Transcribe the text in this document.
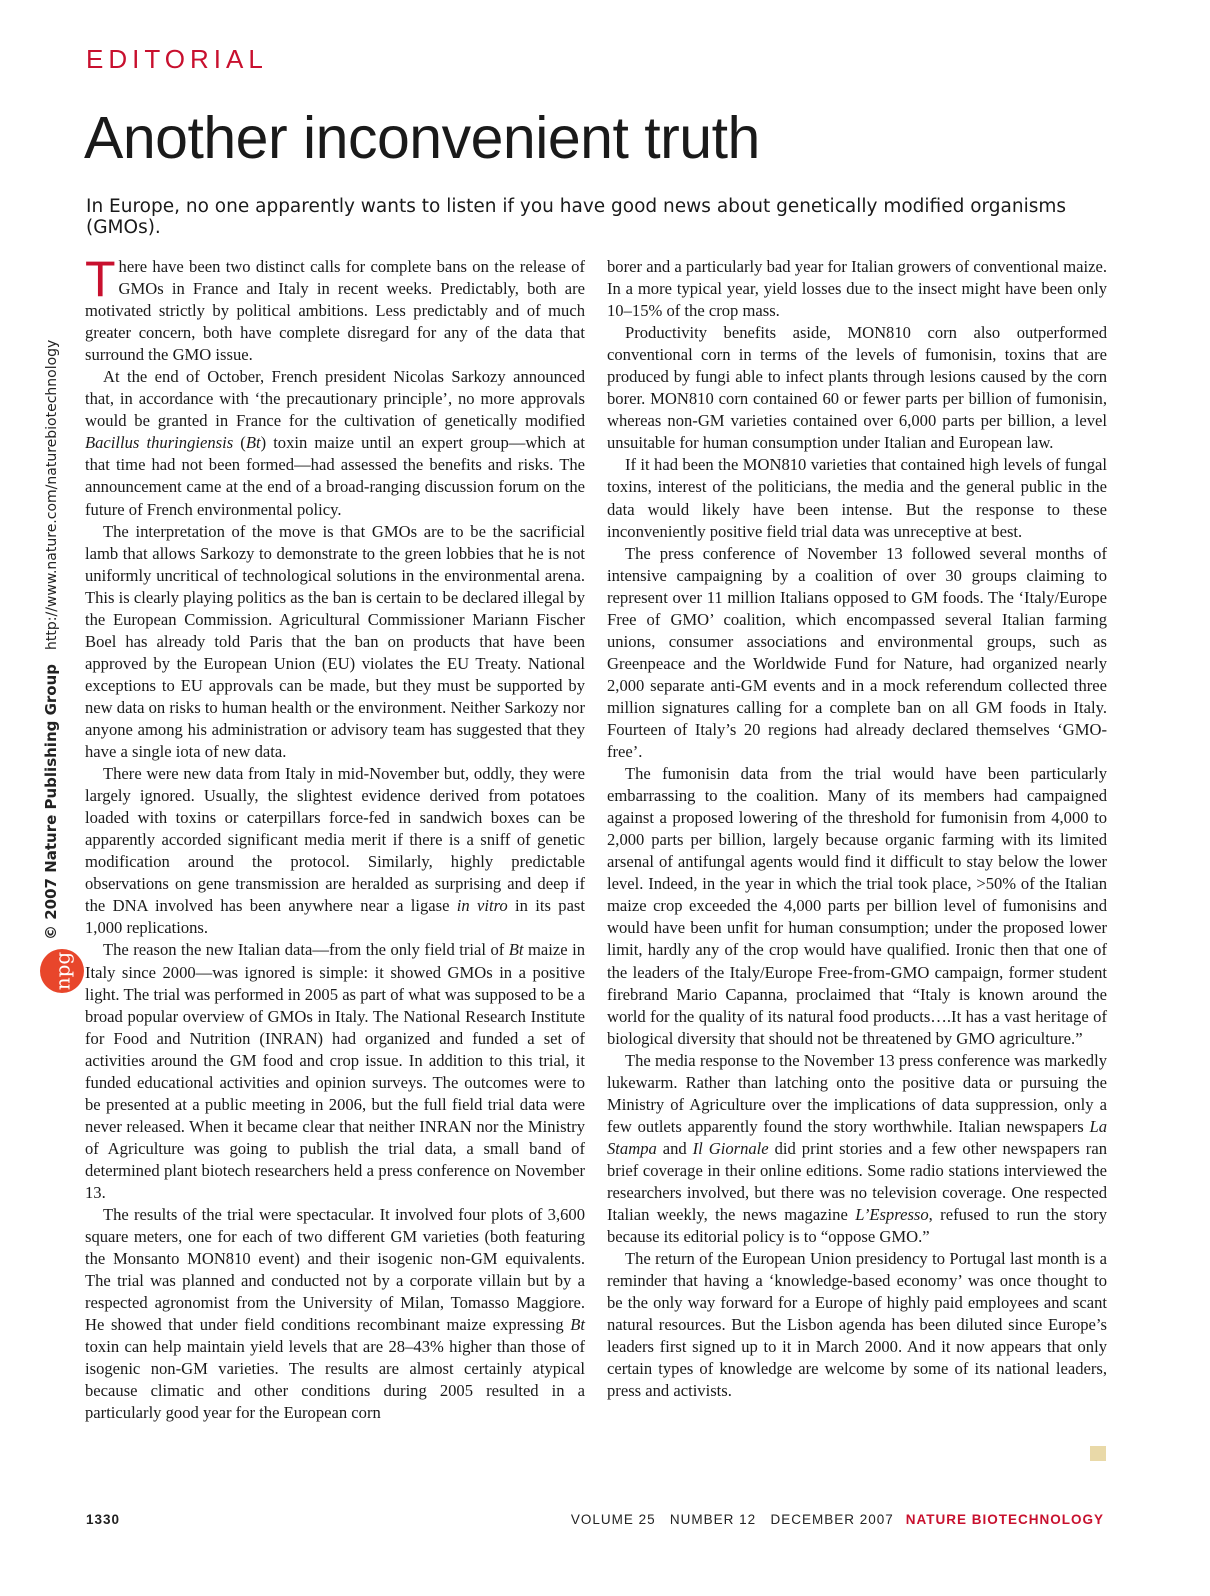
EDITORIAL
Another inconvenient truth
In Europe, no one apparently wants to listen if you have good news about genetically modified organisms (GMOs).

There have been two distinct calls for complete bans on the release of GMOs in France and Italy in recent weeks. Predictably, both are motivated strictly by political ambitions. Less predictably and of much greater concern, both have complete disregard for any of the data that surround the GMO issue.

At the end of October, French president Nicolas Sarkozy announced that, in accordance with ‘the precautionary principle’, no more approvals would be granted in France for the cultivation of genetically modified Bacillus thuringiensis (Bt) toxin maize until an expert group—which at that time had not been formed—had assessed the benefits and risks. The announcement came at the end of a broad-ranging discussion forum on the future of French environmental policy.

The interpretation of the move is that GMOs are to be the sacrificial lamb that allows Sarkozy to demonstrate to the green lobbies that he is not uniformly uncritical of technological solutions in the environmental arena. This is clearly playing politics as the ban is certain to be declared illegal by the European Commission. Agricultural Commissioner Mariann Fischer Boel has already told Paris that the ban on products that have been approved by the European Union (EU) violates the EU Treaty. National exceptions to EU approvals can be made, but they must be supported by new data on risks to human health or the environment. Neither Sarkozy nor anyone among his administration or advisory team has suggested that they have a single iota of new data.

There were new data from Italy in mid-November but, oddly, they were largely ignored. Usually, the slightest evidence derived from potatoes loaded with toxins or caterpillars force-fed in sandwich boxes can be apparently accorded significant media merit if there is a sniff of genetic modification around the protocol. Similarly, highly predictable observations on gene transmission are heralded as surprising and deep if the DNA involved has been anywhere near a ligase in vitro in its past 1,000 replications.

The reason the new Italian data—from the only field trial of Bt maize in Italy since 2000—was ignored is simple: it showed GMOs in a positive light. The trial was performed in 2005 as part of what was supposed to be a broad popular overview of GMOs in Italy. The National Research Institute for Food and Nutrition (INRAN) had organized and funded a set of activities around the GM food and crop issue. In addition to this trial, it funded educational activities and opinion surveys. The outcomes were to be presented at a public meeting in 2006, but the full field trial data were never released. When it became clear that neither INRAN nor the Ministry of Agriculture was going to publish the trial data, a small band of determined plant biotech researchers held a press conference on November 13.

The results of the trial were spectacular. It involved four plots of 3,600 square meters, one for each of two different GM varieties (both featuring the Monsanto MON810 event) and their isogenic non-GM equivalents. The trial was planned and conducted not by a corporate villain but by a respected agronomist from the University of Milan, Tomasso Maggiore. He showed that under field conditions recombinant maize expressing Bt toxin can help maintain yield levels that are 28–43% higher than those of isogenic non-GM varieties. The results are almost certainly atypical because climatic and other conditions during 2005 resulted in a particularly good year for the European corn

borer and a particularly bad year for Italian growers of conventional maize. In a more typical year, yield losses due to the insect might have been only 10–15% of the crop mass.

Productivity benefits aside, MON810 corn also outperformed conventional corn in terms of the levels of fumonisin, toxins that are produced by fungi able to infect plants through lesions caused by the corn borer. MON810 corn contained 60 or fewer parts per billion of fumonisin, whereas non-GM varieties contained over 6,000 parts per billion, a level unsuitable for human consumption under Italian and European law.

If it had been the MON810 varieties that contained high levels of fungal toxins, interest of the politicians, the media and the general public in the data would likely have been intense. But the response to these inconveniently positive field trial data was unreceptive at best.

The press conference of November 13 followed several months of intensive campaigning by a coalition of over 30 groups claiming to represent over 11 million Italians opposed to GM foods. The ‘Italy/Europe Free of GMO’ coalition, which encompassed several Italian farming unions, consumer associations and environmental groups, such as Greenpeace and the Worldwide Fund for Nature, had organized nearly 2,000 separate anti-GM events and in a mock referendum collected three million signatures calling for a complete ban on all GM foods in Italy. Fourteen of Italy’s 20 regions had already declared themselves ‘GMO-free’.

The fumonisin data from the trial would have been particularly embarrassing to the coalition. Many of its members had campaigned against a proposed lowering of the threshold for fumonisin from 4,000 to 2,000 parts per billion, largely because organic farming with its limited arsenal of antifungal agents would find it difficult to stay below the lower level. Indeed, in the year in which the trial took place, >50% of the Italian maize crop exceeded the 4,000 parts per billion level of fumonisins and would have been unfit for human consumption; under the proposed lower limit, hardly any of the crop would have qualified. Ironic then that one of the leaders of the Italy/Europe Free-from-GMO campaign, former student firebrand Mario Capanna, proclaimed that “Italy is known around the world for the quality of its natural food products….It has a vast heritage of biological diversity that should not be threatened by GMO agriculture.”

The media response to the November 13 press conference was markedly lukewarm. Rather than latching onto the positive data or pursuing the Ministry of Agriculture over the implications of data suppression, only a few outlets apparently found the story worthwhile. Italian newspapers La Stampa and Il Giornale did print stories and a few other newspapers ran brief coverage in their online editions. Some radio stations interviewed the researchers involved, but there was no television coverage. One respected Italian weekly, the news magazine L’Espresso, refused to run the story because its editorial policy is to “oppose GMO.”

The return of the European Union presidency to Portugal last month is a reminder that having a ‘knowledge-based economy’ was once thought to be the only way forward for a Europe of highly paid employees and scant natural resources. But the Lisbon agenda has been diluted since Europe’s leaders first signed up to it in March 2000. And it now appears that only certain types of knowledge are welcome by some of its national leaders, press and activists.

© 2007 Nature Publishing Grouphttp://www.nature.com/naturebiotechnology
npg
1330	VOLUME 25   NUMBER 12   DECEMBER 2007 NATURE BIOTECHNOLOGY
